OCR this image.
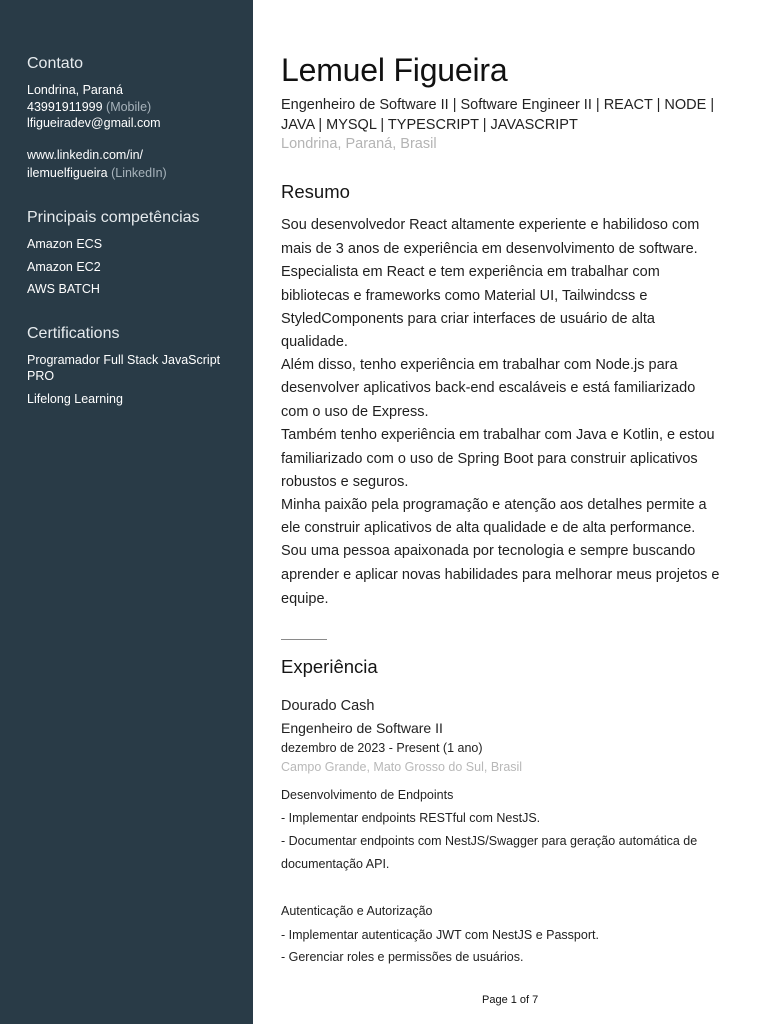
Contato
Londrina, Paraná
43991911999 (Mobile)
lfigueiradev@gmail.com
www.linkedin.com/in/
ilemuelfigueira (LinkedIn)
Principais competências
Amazon ECS
Amazon EC2
AWS BATCH
Certifications
Programador Full Stack JavaScript
PRO
Lifelong Learning
Lemuel Figueira
Engenheiro de Software II | Software Engineer II | REACT | NODE |
JAVA | MYSQL | TYPESCRIPT | JAVASCRIPT
Londrina, Paraná, Brasil
Resumo
Sou desenvolvedor React altamente experiente e habilidoso com
mais de 3 anos de experiência em desenvolvimento de software.
Especialista em React e tem experiência em trabalhar com
bibliotecas e frameworks como Material UI, Tailwindcss e
StyledComponents para criar interfaces de usuário de alta
qualidade.
Além disso, tenho experiência em trabalhar com Node.js para
desenvolver aplicativos back-end escaláveis e está familiarizado
com o uso de Express.
Também tenho experiência em trabalhar com Java e Kotlin, e estou
familiarizado com o uso de Spring Boot para construir aplicativos
robustos e seguros.
Minha paixão pela programação e atenção aos detalhes permite a
ele construir aplicativos de alta qualidade e de alta performance.
Sou uma pessoa apaixonada por tecnologia e sempre buscando
aprender e aplicar novas habilidades para melhorar meus projetos e
equipe.
Experiência
Dourado Cash
Engenheiro de Software II
dezembro de 2023 - Present (1 ano)
Campo Grande, Mato Grosso do Sul, Brasil
Desenvolvimento de Endpoints
- Implementar endpoints RESTful com NestJS.
- Documentar endpoints com NestJS/Swagger para geração automática de
documentação API.
Autenticação e Autorização
- Implementar autenticação JWT com NestJS e Passport.
- Gerenciar roles e permissões de usuários.
Page 1 of 7
